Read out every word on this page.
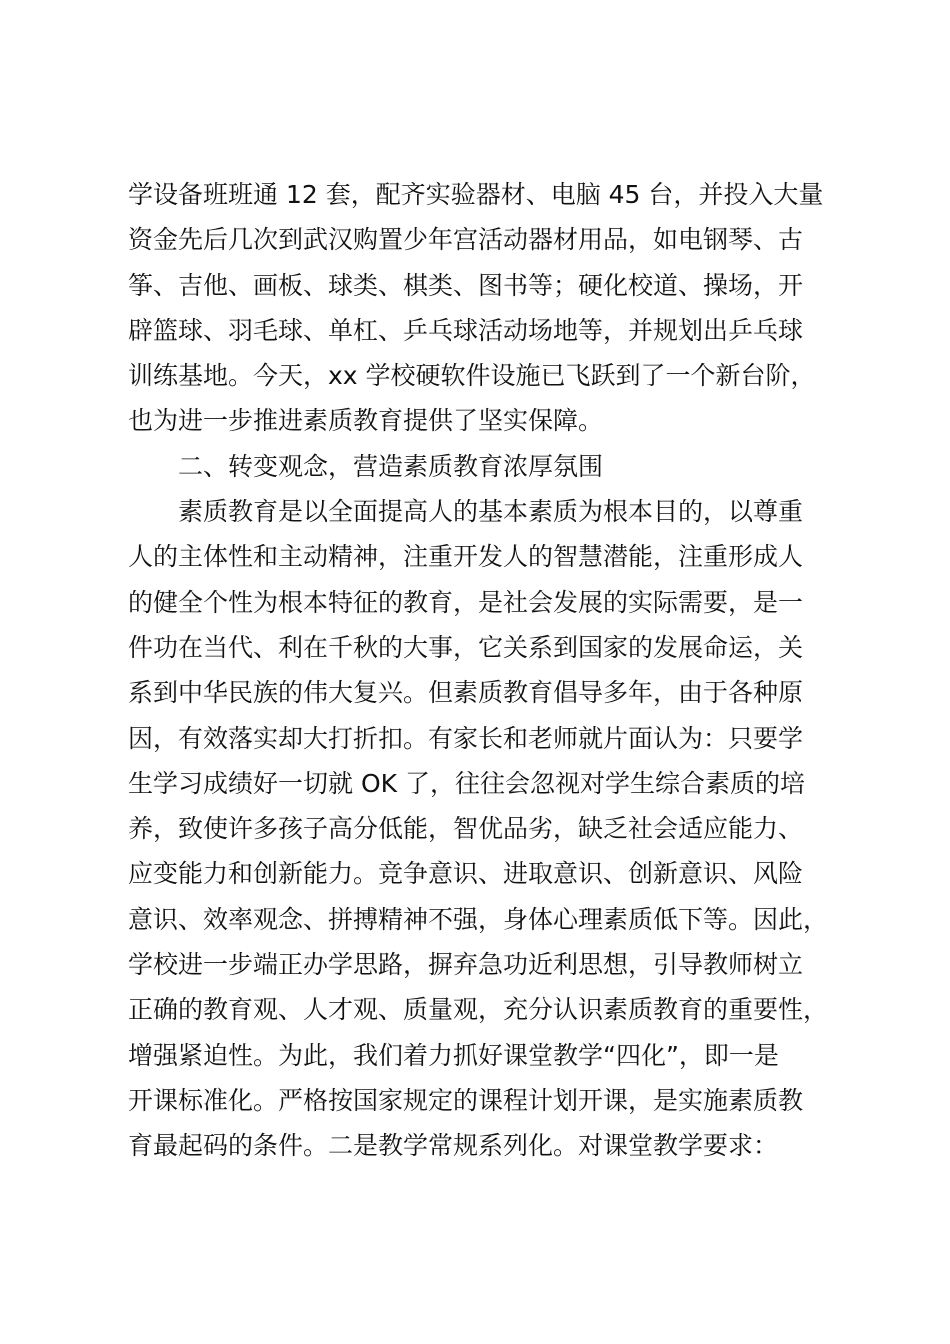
学设备班班通 12 套，配齐实验器材、电脑 45 台，并投入大量
资金先后几次到武汉购置少年宫活动器材用品，如电钢琴、古
筝、吉他、画板、球类、棋类、图书等；硬化校道、操场，开
辟篮球、羽毛球、单杠、乒乓球活动场地等，并规划出乒乓球
训练基地。今天，xx 学校硬软件设施已飞跃到了一个新台阶，
也为进一步推进素质教育提供了坚实保障。
二、转变观念，营造素质教育浓厚氛围
素质教育是以全面提高人的基本素质为根本目的，以尊重
人的主体性和主动精神，注重开发人的智慧潜能，注重形成人
的健全个性为根本特征的教育，是社会发展的实际需要，是一
件功在当代、利在千秋的大事，它关系到国家的发展命运，关
系到中华民族的伟大复兴。但素质教育倡导多年，由于各种原
因，有效落实却大打折扣。有家长和老师就片面认为：只要学
生学习成绩好一切就 OK 了，往往会忽视对学生综合素质的培
养，致使许多孩子高分低能，智优品劣，缺乏社会适应能力、
应变能力和创新能力。竞争意识、进取意识、创新意识、风险
意识、效率观念、拼搏精神不强，身体心理素质低下等。因此，
学校进一步端正办学思路，摒弃急功近利思想，引导教师树立
正确的教育观、人才观、质量观，充分认识素质教育的重要性，
增强紧迫性。为此，我们着力抓好课堂教学“四化”，即一是
开课标准化。严格按国家规定的课程计划开课，是实施素质教
育最起码的条件。二是教学常规系列化。对课堂教学要求：
